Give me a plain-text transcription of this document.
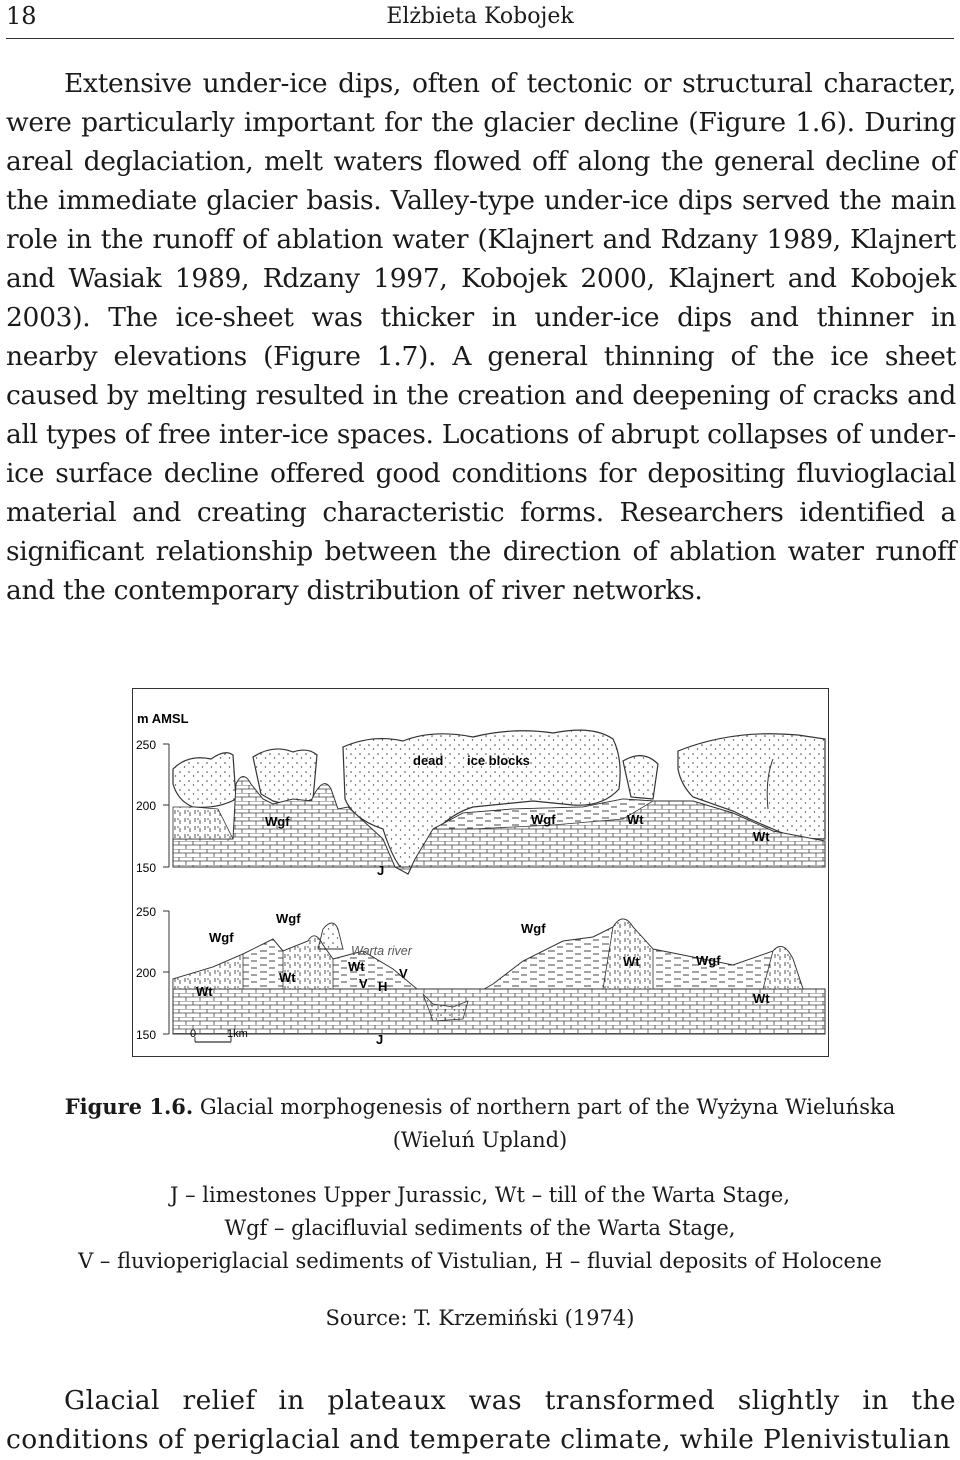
18	Elżbieta Kobojek

Extensive under-ice dips, often of tectonic or structural character, were particularly important for the glacier decline (Figure 1.6). During areal deglaciation, melt waters flowed off along the general decline of the immediate glacier basis. Valley-type under-ice dips served the main role in the runoff of ablation water (Klajnert and Rdzany 1989, Klajnert and Wasiak 1989, Rdzany 1997, Kobojek 2000, Klajnert and Kobojek 2003). The ice-sheet was thicker in under-ice dips and thinner in nearby elevations (Figure 1.7). A general thinning of the ice sheet caused by melting resulted in the creation and deepening of cracks and all types of free inter-ice spaces. Locations of abrupt collapses of under-ice surface decline offered good conditions for depositing fluvioglacial material and creating characteristic forms. Researchers identified a significant relationship between the direction of ablation water runoff and the contemporary distribution of river networks.

m AMSL
250
200
150
dead ice blocks
Wgf	Wgf	Wt
Wt
J
250
200
150
Wgf
Wgf
Wgf
Wgf
Wt
Wt
Wt	Wt
Wt
Warta river
V
V
H
J
0	1km

Figure 1.6. Glacial morphogenesis of northern part of the Wyżyna Wieluńska
(Wieluń Upland)

J – limestones Upper Jurassic, Wt – till of the Warta Stage,
Wgf – glacifluvial sediments of the Warta Stage,
V – fluvioperiglacial sediments of Vistulian, H – fluvial deposits of Holocene
Source: T. Krzemiński (1974)

Glacial relief in plateaux was transformed slightly in the conditions of periglacial and temperate climate, while Plenivistulian
